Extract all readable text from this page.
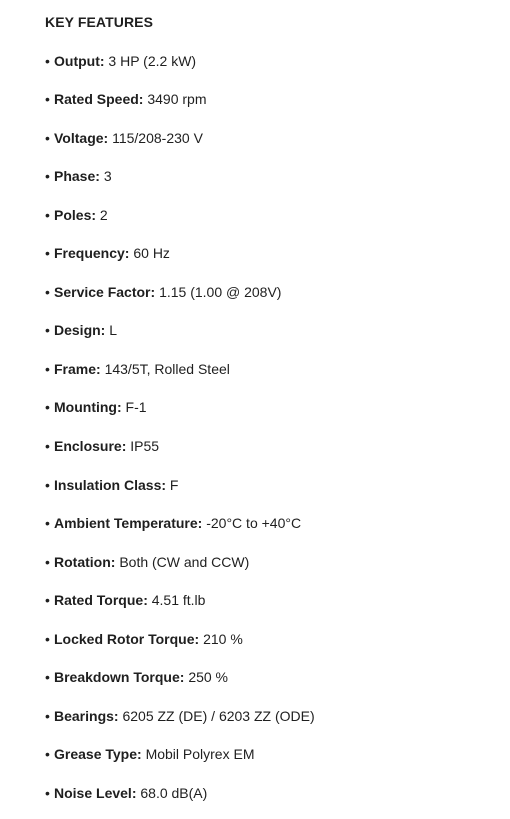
KEY FEATURES
• Output: 3 HP (2.2 kW)
• Rated Speed: 3490 rpm
• Voltage: 115/208-230 V
• Phase: 3
• Poles: 2
• Frequency: 60 Hz
• Service Factor: 1.15 (1.00 @ 208V)
• Design: L
• Frame: 143/5T, Rolled Steel
• Mounting: F-1
• Enclosure: IP55
• Insulation Class: F
• Ambient Temperature: -20°C to +40°C
• Rotation: Both (CW and CCW)
• Rated Torque: 4.51 ft.lb
• Locked Rotor Torque: 210 %
• Breakdown Torque: 250 %
• Bearings: 6205 ZZ (DE) / 6203 ZZ (ODE)
• Grease Type: Mobil Polyrex EM
• Noise Level: 68.0 dB(A)
